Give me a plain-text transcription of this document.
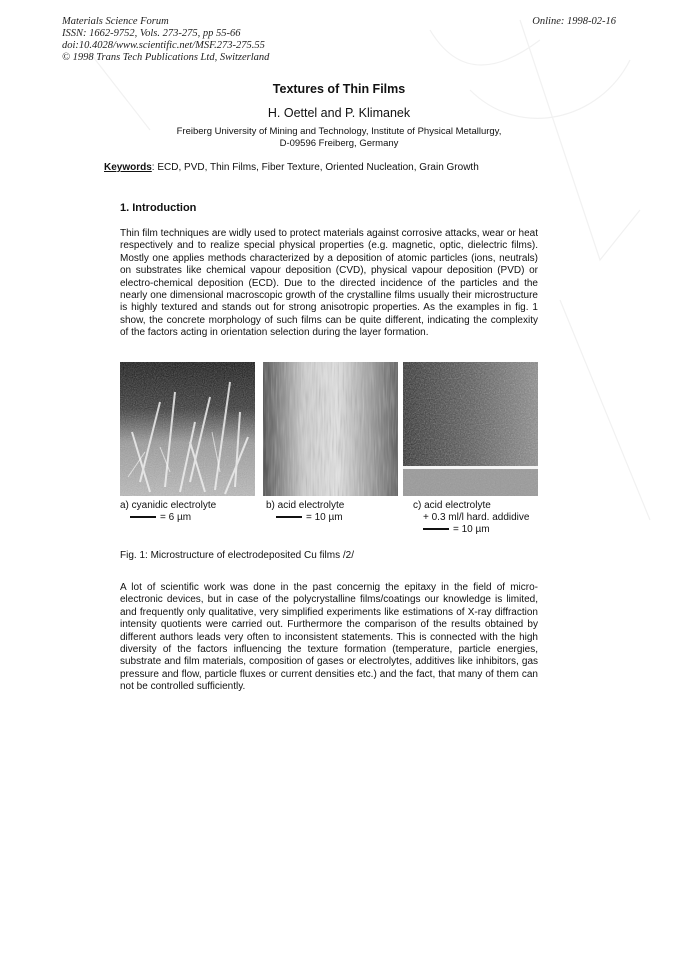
Materials Science Forum
ISSN: 1662-9752, Vols. 273-275, pp 55-66
doi:10.4028/www.scientific.net/MSF.273-275.55
© 1998 Trans Tech Publications Ltd, Switzerland
Online: 1998-02-16
Textures of Thin Films
H. Oettel and P. Klimanek
Freiberg University of Mining and Technology, Institute of Physical Metallurgy,
D-09596 Freiberg, Germany
Keywords: ECD, PVD, Thin Films, Fiber Texture, Oriented Nucleation, Grain Growth
1. Introduction

Thin film techniques are widly used to protect materials against corrosive attacks, wear or heat respectively and to realize special physical properties (e.g. magnetic, optic, dielectric films). Mostly one applies methods characterized by a deposition of atomic particles (ions, neutrals) on substrates like chemical vapour deposition (CVD), physical vapour deposition (PVD) or electro-chemical deposition (ECD). Due to the directed incidence of the particles and the nearly one dimensional macroscopic growth of the crystalline films usually their microstructure is highly textured and stands out for strong anisotropic properties. As the examples in fig. 1 show, the concrete morphology of such films can be quite different, indicating the complexity of the factors acting in orientation selection during the layer formation.

a) cyanidic electrolyte
= 6 µm
b) acid electrolyte
= 10 µm
c) acid electrolyte
+ 0.3 ml/l hard. addidive
= 10 µm
Fig. 1: Microstructure of electrodeposited Cu films /2/

A lot of scientific work was done in the past concernig the epitaxy in the field of micro-electronic devices, but in case of the polycrystalline films/coatings our knowledge is limited, and frequently only qualitative, very simplified experiments like estimations of X-ray diffraction intensity quotients were carried out. Furthermore the comparison of the results obtained by different authors leads very often to inconsistent statements. This is connected with the high diversity of the factors influencing the texture formation (temperature, particle energies, substrate and film materials, composition of gases or electrolytes, additives like inhibitors, gas pressure and flow, particle fluxes or current densities etc.) and the fact, that many of them can not be controlled sufficiently.
